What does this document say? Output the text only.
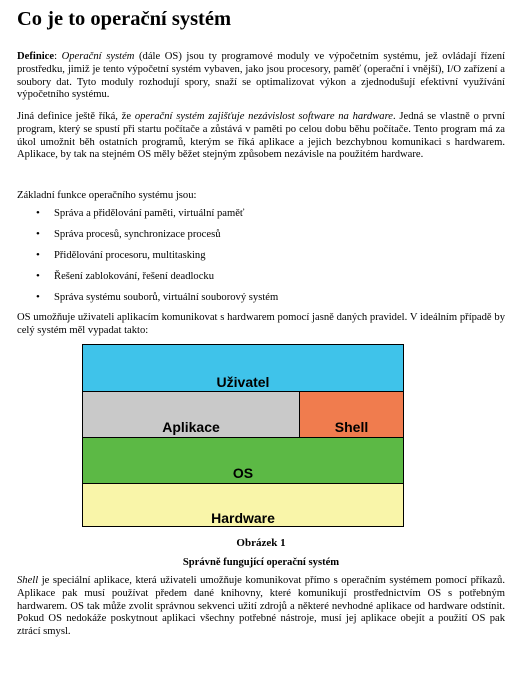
Co je to operační systém
Definice: Operační systém (dále OS) jsou ty programové moduly ve výpočetním systému, jež ovládají řízení prostředku, jimiž je tento výpočetní systém vybaven, jako jsou procesory, paměť (operační i vnější), I/O zařízení a soubory dat. Tyto moduly rozhodují spory, snaží se optimalizovat výkon a zjednodušují efektivní využívání výpočetního systému.
Jiná definice ještě říká, že operační systém zajišťuje nezávislost software na hardware. Jedná se vlastně o první program, který se spustí při startu počítače a zůstává v paměti po celou dobu běhu počítače. Tento program má za úkol umožnit běh ostatních programů, kterým se říká aplikace a jejich bezchybnou komunikaci s hardwarem. Aplikace, by tak na stejném OS měly běžet stejným způsobem nezávisle na použitém hardware.
Základní funkce operačního systému jsou:
• Správa a přidělování paměti, virtuální paměť
• Správa procesů, synchronizace procesů
• Přidělování procesoru, multitasking
• Řešení zablokování, řešení deadlocku
• Správa systému souborů, virtuální souborový systém
OS umožňuje uživateli aplikacím komunikovat s hardwarem pomocí jasně daných pravidel. V ideálním případě by celý systém měl vypadat takto:
Uživatel
Aplikace	Shell
OS
Hardware
Obrázek 1
Správně fungující operační systém
Shell je speciální aplikace, která uživateli umožňuje komunikovat přímo s operačním systémem pomocí příkazů. Aplikace pak musí používat předem dané knihovny, které komunikují prostřednictvím OS s potřebným hardwarem. OS tak může zvolit správnou sekvenci užití zdrojů a některé nevhodné aplikace od hardware odstínit. Pokud OS nedokáže poskytnout aplikaci všechny potřebné nástroje, musí jej aplikace obejít a použití OS pak ztrácí smysl.
